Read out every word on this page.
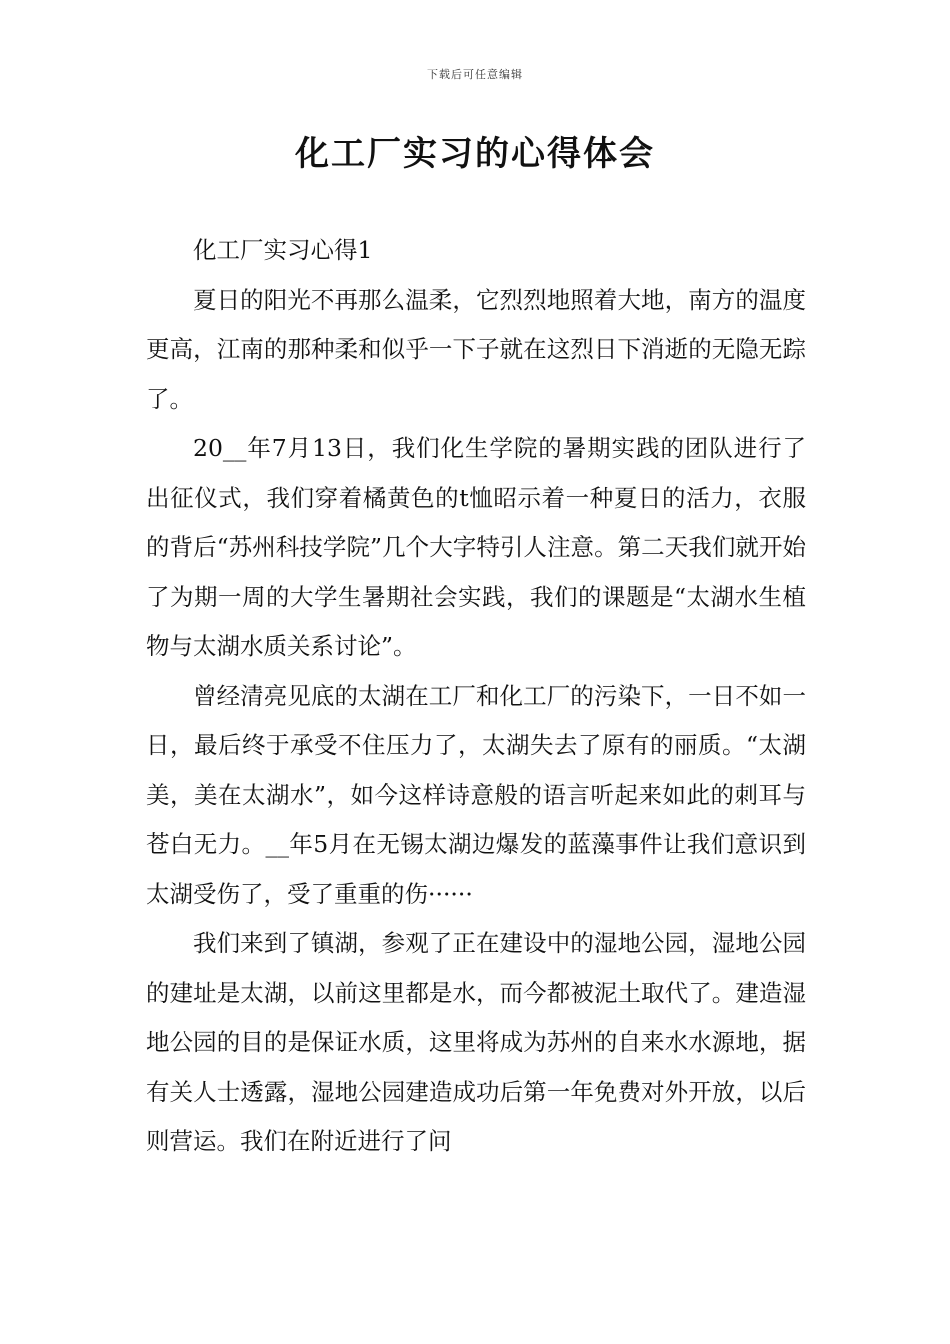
下载后可任意编辑
化工厂实习的心得体会

化工厂实习心得1

夏日的阳光不再那么温柔，它烈烈地照着大地，南方的温度更高，江南的那种柔和似乎一下子就在这烈日下消逝的无隐无踪了。

20__年7月13日，我们化生学院的暑期实践的团队进行了出征仪式，我们穿着橘黄色的t恤昭示着一种夏日的活力，衣服的背后“苏州科技学院”几个大字特引人注意。第二天我们就开始了为期一周的大学生暑期社会实践，我们的课题是“太湖水生植物与太湖水质关系讨论”。

曾经清亮见底的太湖在工厂和化工厂的污染下，一日不如一日，最后终于承受不住压力了，太湖失去了原有的丽质。“太湖美，美在太湖水”，如今这样诗意般的语言听起来如此的刺耳与苍白无力。__年5月在无锡太湖边爆发的蓝藻事件让我们意识到太湖受伤了，受了重重的伤······

我们来到了镇湖，参观了正在建设中的湿地公园，湿地公园的建址是太湖，以前这里都是水，而今都被泥土取代了。建造湿地公园的目的是保证水质，这里将成为苏州的自来水水源地，据有关人士透露，湿地公园建造成功后第一年免费对外开放，以后则营运。我们在附近进行了问
